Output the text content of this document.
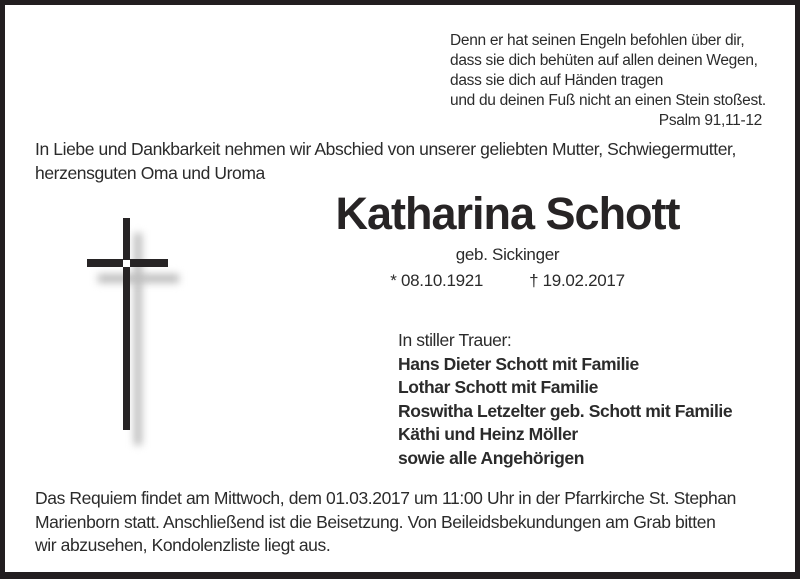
Denn er hat seinen Engeln befohlen über dir,
dass sie dich behüten auf allen deinen Wegen,
dass sie dich auf Händen tragen
und du deinen Fuß nicht an einen Stein stoßest.
Psalm 91,11-12
In Liebe und Dankbarkeit nehmen wir Abschied von unserer geliebten Mutter, Schwiegermutter,
herzensguten Oma und Uroma
Katharina Schott
geb. Sickinger
* 08.10.1921	† 19.02.2017
In stiller Trauer:
Hans Dieter Schott mit Familie
Lothar Schott mit Familie
Roswitha Letzelter geb. Schott mit Familie
Käthi und Heinz Möller
sowie alle Angehörigen
Das Requiem findet am Mittwoch, dem 01.03.2017 um 11:00 Uhr in der Pfarrkirche St. Stephan
Marienborn statt. Anschließend ist die Beisetzung. Von Beileidsbekundungen am Grab bitten
wir abzusehen, Kondolenzliste liegt aus.
